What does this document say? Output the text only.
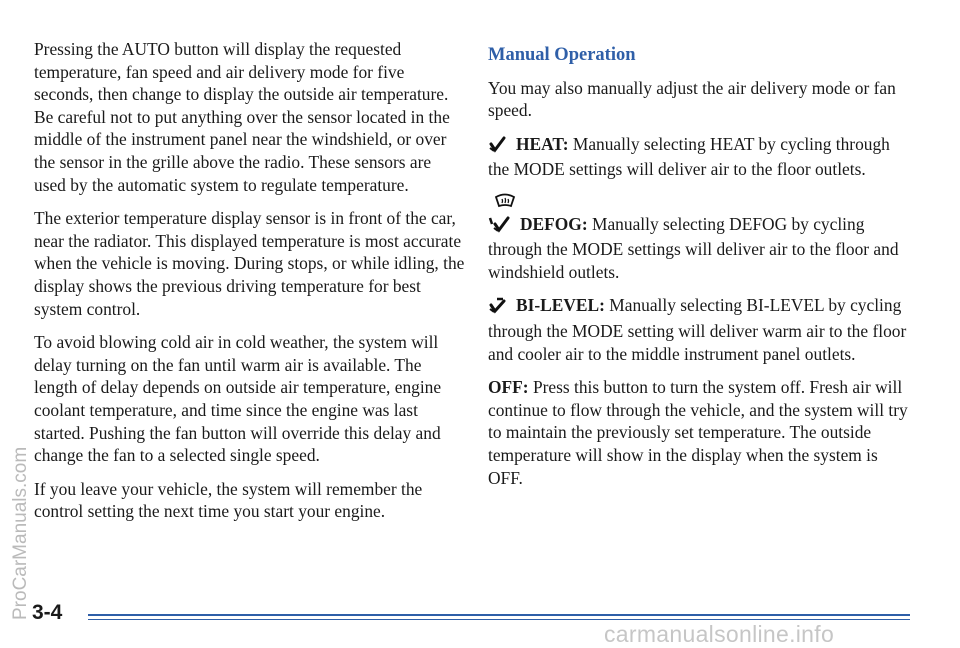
Pressing the AUTO button will display the requested temperature, fan speed and air delivery mode for five seconds, then change to display the outside air temperature. Be careful not to put anything over the sensor located in the middle of the instrument panel near the windshield, or over the sensor in the grille above the radio. These sensors are used by the automatic system to regulate temperature.

The exterior temperature display sensor is in front of the car, near the radiator. This displayed temperature is most accurate when the vehicle is moving. During stops, or while idling, the display shows the previous driving temperature for best system control.

To avoid blowing cold air in cold weather, the system will delay turning on the fan until warm air is available. The length of delay depends on outside air temperature, engine coolant temperature, and time since the engine was last started. Pushing the fan button will override this delay and change the fan to a selected single speed.

If you leave your vehicle, the system will remember the control setting the next time you start your engine.

Manual Operation

You may also manually adjust the air delivery mode or fan speed.

HEAT: Manually selecting HEAT by cycling through the MODE settings will deliver air to the floor outlets.

DEFOG: Manually selecting DEFOG by cycling through the MODE settings will deliver air to the floor and windshield outlets.

BI-LEVEL: Manually selecting BI-LEVEL by cycling through the MODE setting will deliver warm air to the floor and cooler air to the middle instrument panel outlets.

OFF: Press this button to turn the system off. Fresh air will continue to flow through the vehicle, and the system will try to maintain the previously set temperature. The outside temperature will show in the display when the system is OFF.

3-4
ProCarManuals.com
carmanualsonline.info
